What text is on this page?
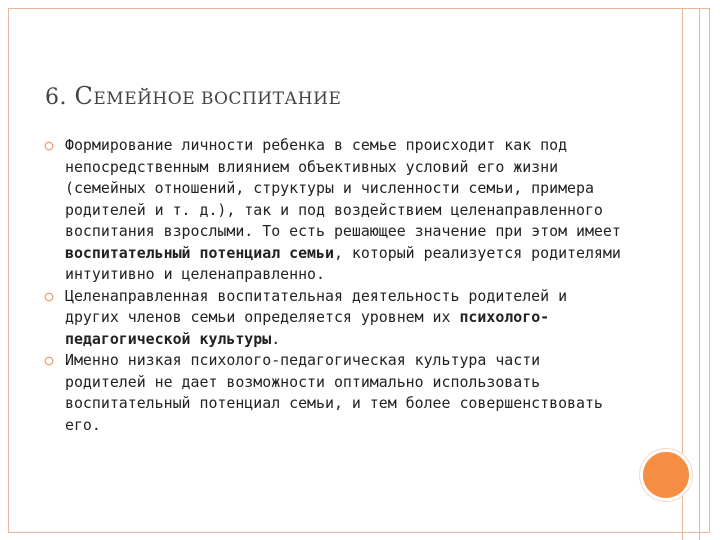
6. СЕМЕЙНОЕ ВОСПИТАНИЕ
Формирование личности ребенка в семье происходит как под непосредственным влиянием объективных условий его жизни (семейных отношений, структуры и численности семьи, примера родителей и т. д.), так и под воздействием целенаправленного воспитания взрослыми. То есть решающее значение при этом имеет воспитательный потенциал семьи, который реализуется родителями интуитивно и целенаправленно.
Целенаправленная воспитательная деятельность родителей и других членов семьи определяется уровнем их психолого-педагогической культуры.
Именно низкая психолого-педагогическая культура части родителей не дает возможности оптимально использовать воспитательный потенциал семьи, и тем более совершенствовать его.
